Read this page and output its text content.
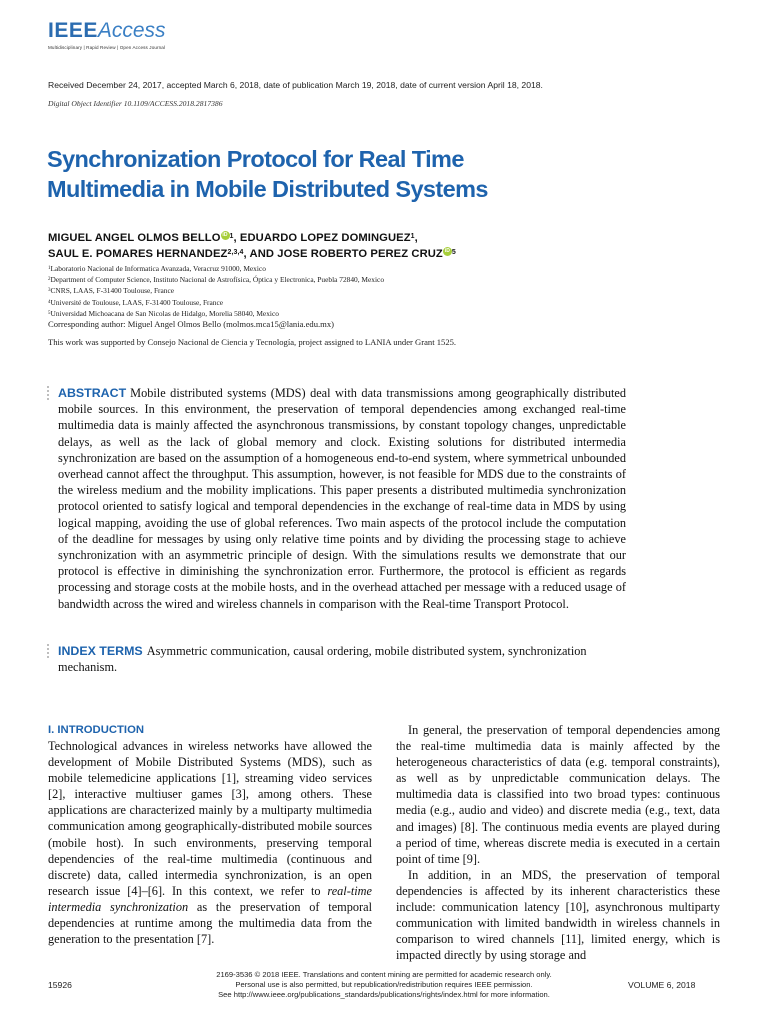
IEEEAccess
Multidisciplinary | Rapid Review | Open Access Journal
Received December 24, 2017, accepted March 6, 2018, date of publication March 19, 2018, date of current version April 18, 2018.
Digital Object Identifier 10.1109/ACCESS.2018.2817386
Synchronization Protocol for Real Time
Multimedia in Mobile Distributed Systems
MIGUEL ANGEL OLMOS BELLO iD $^1$, EDUARDO LOPEZ DOMINGUEZ$^1$,
SAUL E. POMARES HERNANDEZ$^{2,3,4}$, AND JOSE ROBERTO PEREZ CRUZ iD $^5$
$^1$Laboratorio Nacional de Informatica Avanzada, Veracruz 91000, Mexico
$^2$Department of Computer Science, Instituto Nacional de Astrofísica, Óptica y Electronica, Puebla 72840, Mexico
$^3$CNRS, LAAS, F-31400 Toulouse, France
$^4$Université de Toulouse, LAAS, F-31400 Toulouse, France
$^5$Universidad Michoacana de San Nicolas de Hidalgo, Morelia 58040, Mexico
Corresponding author: Miguel Angel Olmos Bello (molmos.mca15@lania.edu.mx)
This work was supported by Consejo Nacional de Ciencia y Tecnología, project assigned to LANIA under Grant 1525.
ABSTRACT Mobile distributed systems (MDS) deal with data transmissions among geographically distributed mobile sources. In this environment, the preservation of temporal dependencies among exchanged real-time multimedia data is mainly affected the asynchronous transmissions, by constant topology changes, unpredictable delays, as well as the lack of global memory and clock. Existing solutions for distributed intermedia synchronization are based on the assumption of a homogeneous end-to-end system, where symmetrical unbounded overhead cannot affect the throughput. This assumption, however, is not feasible for MDS due to the constraints of the wireless medium and the mobility implications. This paper presents a distributed multimedia synchronization protocol oriented to satisfy logical and temporal dependencies in the exchange of real-time data in MDS by using logical mapping, avoiding the use of global references. Two main aspects of the protocol include the computation of the deadline for messages by using only relative time points and by dividing the processing stage to achieve synchronization with an asymmetric principle of design. With the simulations results we demonstrate that our protocol is effective in diminishing the synchronization error. Furthermore, the protocol is efficient as regards processing and storage costs at the mobile hosts, and in the overhead attached per message with a reduced usage of bandwidth across the wired and wireless channels in comparison with the Real-time Transport Protocol.
INDEX TERMS Asymmetric communication, causal ordering, mobile distributed system, synchronization mechanism.
I. INTRODUCTION

Technological advances in wireless networks have allowed the development of Mobile Distributed Systems (MDS), such as mobile telemedicine applications [1], streaming video services [2], interactive multiuser games [3], among others. These applications are characterized mainly by a multiparty multimedia communication among geographically-distributed mobile sources (mobile host). In such environments, preserving temporal dependencies of the real-time multimedia (continuous and discrete) data, called intermedia synchronization, is an open research issue [4]–[6]. In this context, we refer to real-time intermedia synchronization as the preservation of temporal dependencies at runtime among the multimedia data from the generation to the presentation [7].

In general, the preservation of temporal dependencies among the real-time multimedia data is mainly affected by the heterogeneous characteristics of data (e.g. temporal constraints), as well as by unpredictable communication delays. The multimedia data is classified into two broad types: continuous media (e.g., audio and video) and discrete media (e.g., text, data and images) [8]. The continuous media events are played during a period of time, whereas discrete media is executed in a certain point of time [9].

In addition, in an MDS, the preservation of temporal dependencies is affected by its inherent characteristics these include: communication latency [10], asynchronous multiparty communication with limited bandwidth in wireless channels in comparison to wired channels [11], limited energy, which is impacted directly by using storage and

15926
2169-3536 © 2018 IEEE. Translations and content mining are permitted for academic research only.
Personal use is also permitted, but republication/redistribution requires IEEE permission.
See http://www.ieee.org/publications_standards/publications/rights/index.html for more information.
VOLUME 6, 2018
